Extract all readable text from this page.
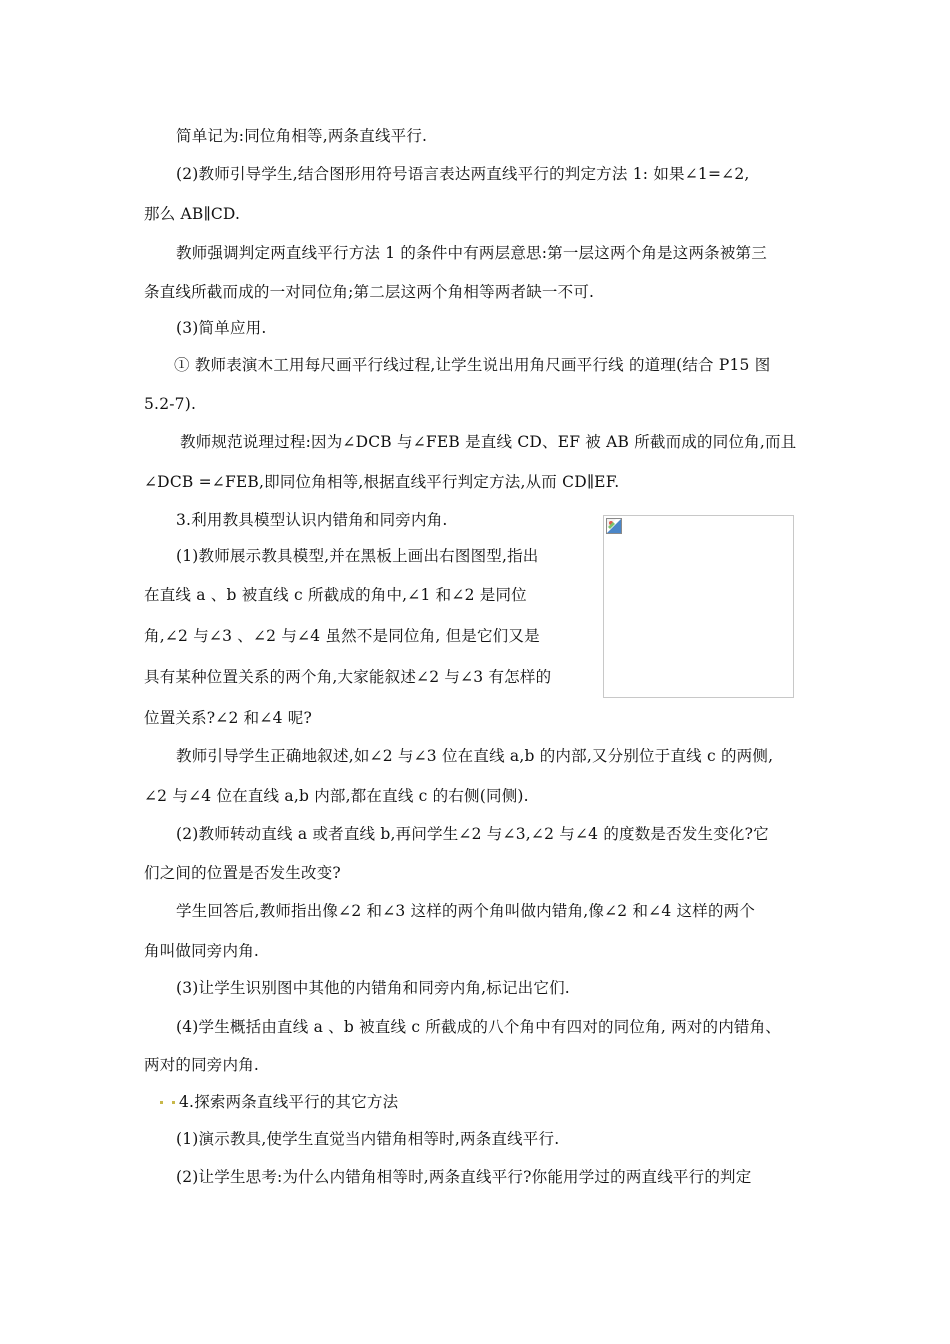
简单记为:同位角相等,两条直线平行.
(2)教师引导学生,结合图形用符号语言表达两直线平行的判定方法 1: 如果∠1=∠2,
那么 AB∥CD.
教师强调判定两直线平行方法 1 的条件中有两层意思:第一层这两个角是这两条被第三
条直线所截而成的一对同位角;第二层这两个角相等两者缺一不可.
(3)简单应用.
① 教师表演木工用每尺画平行线过程,让学生说出用角尺画平行线 的道理(结合 P15 图
5.2-7).
教师规范说理过程:因为∠DCB 与∠FEB 是直线 CD、EF 被 AB 所截而成的同位角,而且
∠DCB =∠FEB,即同位角相等,根据直线平行判定方法,从而 CD∥EF.
3.利用教具模型认识内错角和同旁内角.
(1)教师展示教具模型,并在黑板上画出右图图型,指出
在直线 a 、b 被直线 c 所截成的角中,∠1 和∠2 是同位
角,∠2 与∠3 、∠2 与∠4 虽然不是同位角, 但是它们又是
具有某种位置关系的两个角,大家能叙述∠2 与∠3 有怎样的
位置关系?∠2 和∠4 呢?
教师引导学生正确地叙述,如∠2 与∠3 位在直线 a,b 的内部,又分别位于直线 c 的两侧,
∠2 与∠4 位在直线 a,b 内部,都在直线 c 的右侧(同侧).
(2)教师转动直线 a 或者直线 b,再问学生∠2 与∠3,∠2 与∠4 的度数是否发生变化?它
们之间的位置是否发生改变?
学生回答后,教师指出像∠2 和∠3 这样的两个角叫做内错角,像∠2 和∠4 这样的两个
角叫做同旁内角.
(3)让学生识别图中其他的内错角和同旁内角,标记出它们.
(4)学生概括由直线 a 、b 被直线 c 所截成的八个角中有四对的同位角, 两对的内错角、
两对的同旁内角.
4.探索两条直线平行的其它方法
(1)演示教具,使学生直觉当内错角相等时,两条直线平行.
(2)让学生思考:为什么内错角相等时,两条直线平行?你能用学过的两直线平行的判定
